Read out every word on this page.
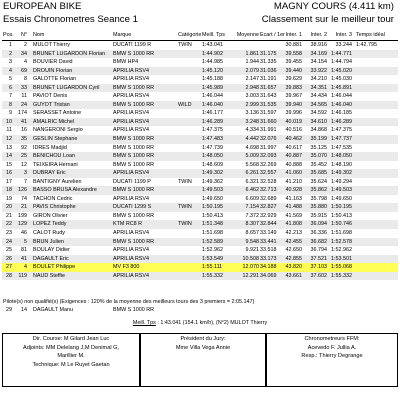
EUROPEAN BIKE	MAGNY COURS (4.411 km)
Essais Chronometres Seance 1	Classement sur le meilleur tour
Pos.	N° Nom	Marque	Catégorie Meill. Tps	Moyenne Ecart / 1er Inter. 1	Inter. 2	Inter. 3 Temps idéal
1	2 MULOT Thierry	DUCATI 1199 R	TWIN	1:43.041	30.881	38.916	33.244 1:42.795
2	34 BRUNET LUGARDON Florian	BMW S 1000 RR	1:44.902	1.861 31.175	39.558	34.169 1:44.771
3	4 BOUVIER David	BMW HP4	1:44.985	1.944 31.335	39.455	34.154 1:44.794
4	69 DROUIN Florian	APRILIA RSV4	1:45.120	2.079 31.036	39.440	33.922 1:45.020
5	8 GALOTTE Florian	APRILIA RSV4	1:45.188	2.147 31.191	39.629	34.210 1:45.030
6	33 BRUNET LUGARDON Cyril	BMW S 1000 RR	1:45.989	2.948 31.657	39.883	34.351 1:45.891
7	11 PAVIOT Denis	APRILIA RSV4	1:46.044	3.003 31.643	39.967	34.434 1:46.044
8	24 GUYOT Tristan	BMW S 1000 RR	WILD	1:46.040	2.999 31.535	39.940	34.565 1:46.040
9	174 SERASSET Antoine	APRILIA RSV4	1:46.177	3.136 31.597	39.996	34.592 1:46.185
10	41 AMALRIC Michel	APRILIA RSV4	1:46.289	3.248 31.660	40.019	34.610 1:46.289
11	16 NANGERONI Sergio	APRILIA RSV4	1:47.375	4.334 31.991	40.516	34.868 1:47.375
12	35 GESLIN Stephane	BMW S 1000 RR	1:47.483	4.442 32.076	40.462	35.199 1:47.737
13	92 IDRES Madjid	BMW S 1000 RR	1:47.739	4.698 31.997	40.617	35.125 1:47.535
14	25 BENICHOU Loan	BMW S 1000 RR	1:48.050	5.009 32.093	40.887	35.070 1:48.050
15	12 TEIXEIRA Hernani	BMW S 1000 RR	1:48.609	5.568 32.269	40.888	35.452 1:48.190
16	3 DUBRAY Eric	APRILIA RSV4	1:49.302	6.261 32.557	41.060	35.685 1:49.302
17	7 BANTIGNY Aurelien	DUCATI 1199 P	TWIN	1:49.362	6.321 32.528	41.210	35.624 1:49.294
18	126 BASSO BRUSA Alexandre	BMW S 1000 RR	1:49.503	6.462 32.713	40.928	35.862 1:49.503
19	74 TACHON Cedric	APRILIA RSV4	1:49.650	6.609 32.689	41.163	35.798 1:49.650
20	21 PAVIS Christophe	DUCATI 1299 S	TWIN	1:50.195	7.154 32.827	41.488	35.880 1:50.195
21	199 GIRON Olivier	BMW S 1000 RR	1:50.413	7.372 32.929	41.569	35.915 1:50.413
22	129 LOPEZ Teddy	KTM RC8 R	TWIN	1:51.348	8.307 32.844	41.808	36.094 1:50.746
23	46 CALOT Rudy	APRILIA RSV4	1:51.698	8.657 33.149	42.213	36.336 1:51.698
24	5 BRUN Julien	BMW S 1000 RR	1:52.589	9.548 33.441	42.455	36.682 1:52.578
25	81 BOULAY Didier	APRILIA RSV4	1:52.962	9.921 33.518	42.650	36.794 1:52.962
26	41 DAGAULT Eric	APRILIA RSV4	1:53.549	10.508 33.173	42.855	37.521 1:53.501
27	4 BOULET Philippe	MV F3 800	1:55.111	12.070 34.188	43.820	37.103 1:55.068
28	119 NAUD Steffie	APRILIA RSV4	1:55.332	12.291 34.069	43.661	37.602 1:55.332
Pilote(s) non qualifié(s) (Exigences : 120% de la moyenne des meilleurs tours des 3 premiers = 2:05.147)
29	14 DAGAULT Manu	BMW S 1000 RR
Meill. Tps : 1:43.041 (154.1 km/h), (N°2) MULOT Thierry
Dir. Course: M Gilard Jean Luc
Adjoints: MM Delelang J,M Denimal G,
Marillier M.
Technique: M Le Ruyet Gaetan
Président du Jury:
Mme Villa Vega Annie
Chronometreurs FFM:
Acevedo F. Jullia A.
Resp.: Thierry Degrange
